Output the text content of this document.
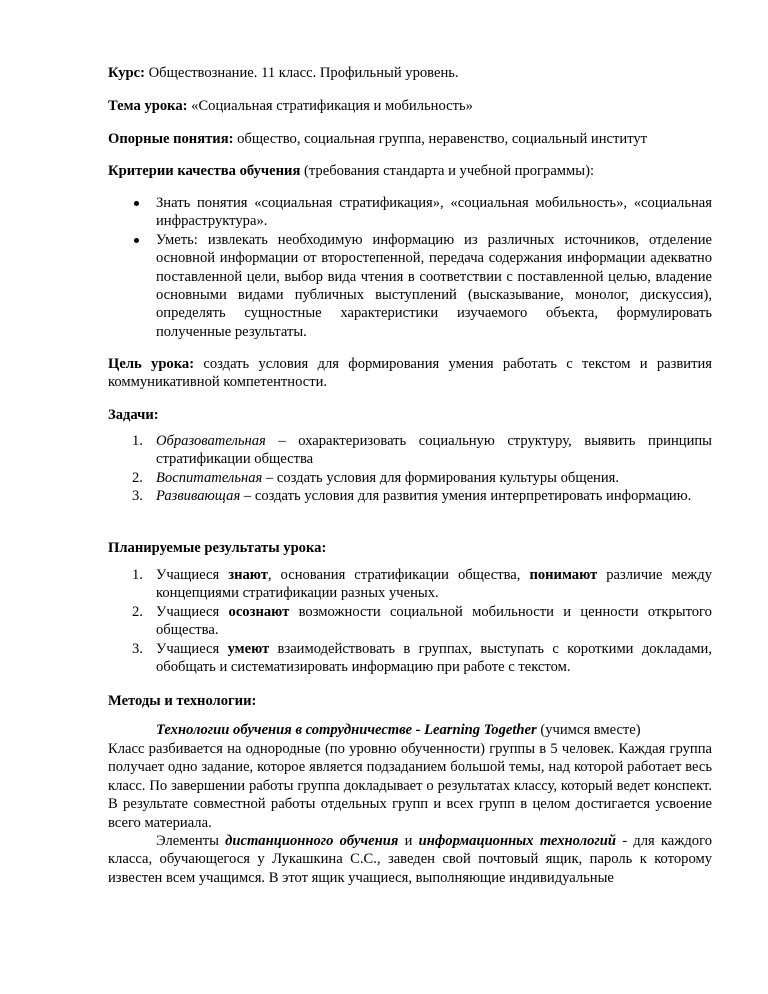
Курс: Обществознание. 11 класс. Профильный уровень.

Тема урока: «Социальная стратификация и мобильность»

Опорные понятия: общество, социальная группа, неравенство, социальный институт

Критерии качества обучения (требования стандарта и учебной программы):

Знать понятия «социальная стратификация», «социальная мобильность», «социальная инфраструктура».
Уметь: извлекать необходимую информацию из различных источников, отделение основной информации от второстепенной, передача содержания информации адекватно поставленной цели, выбор вида чтения в соответствии с поставленной целью, владение основными видами публичных выступлений (высказывание, монолог, дискуссия), определять сущностные характеристики изучаемого объекта, формулировать полученные результаты.

Цель урока: создать условия для формирования умения работать с текстом и развития коммуникативной компетентности.

Задачи:

1. Образовательная – охарактеризовать социальную структуру, выявить принципы стратификации общества
2. Воспитательная – создать условия для формирования культуры общения.
3. Развивающая – создать условия для развития умения интерпретировать информацию.

Планируемые результаты урока:

1. Учащиеся знают, основания стратификации общества, понимают различие между концепциями стратификации разных ученых.
2. Учащиеся осознают возможности социальной мобильности и ценности открытого общества.
3. Учащиеся умеют взаимодействовать в группах, выступать с короткими докладами, обобщать и систематизировать информацию при работе с текстом.

Методы и технологии:

Технологии обучения в сотрудничестве - Learning Together (учимся вместе)

Класс разбивается на однородные (по уровню обученности) группы в 5 человек. Каждая группа получает одно задание, которое является подзаданием большой темы, над которой работает весь класс. По завершении работы группа докладывает о результатах классу, который ведет конспект. В результате совместной работы отдельных групп и всех групп в целом достигается усвоение всего материала.

Элементы дистанционного обучения и информационных технологий - для каждого класса, обучающегося у Лукашкина С.С., заведен свой почтовый ящик, пароль к которому известен всем учащимся. В этот ящик учащиеся, выполняющие индивидуальные
